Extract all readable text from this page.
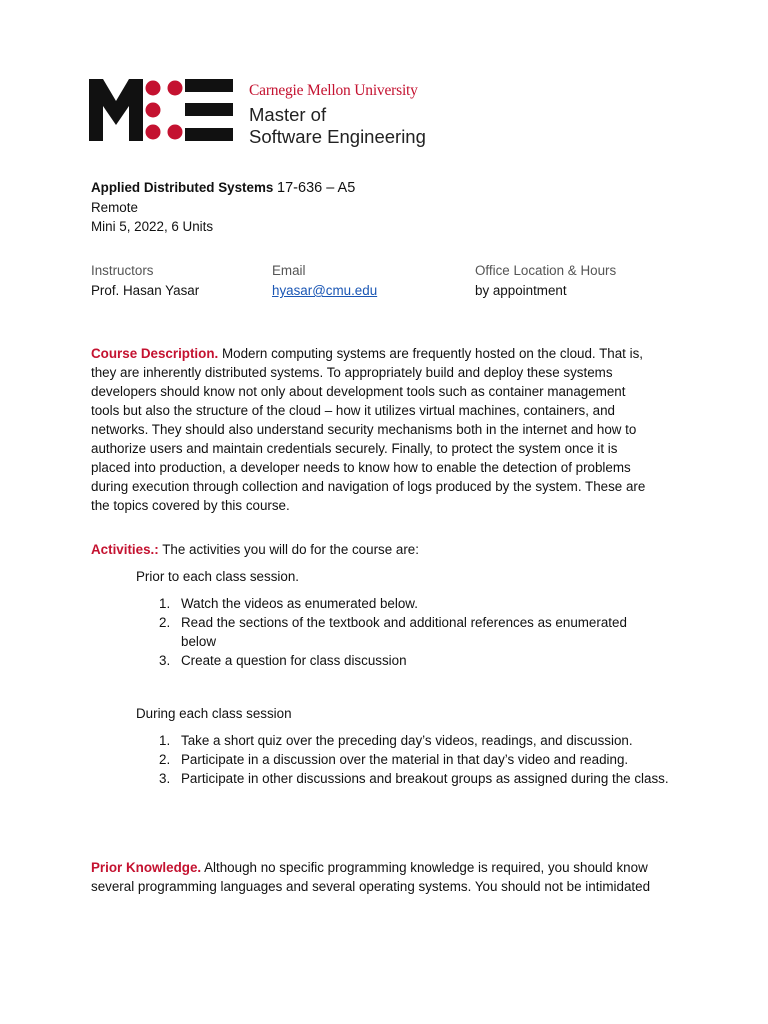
Carnegie Mellon University
Master of
Software Engineering
Applied Distributed Systems 17-636 – A5
Remote
Mini 5, 2022, 6 Units
Instructors	Email	Office Location & Hours
Prof. Hasan Yasar	hyasar@cmu.edu	by appointment
Course Description. Modern computing systems are frequently hosted on the cloud. That is,
they are inherently distributed systems. To appropriately build and deploy these systems
developers should know not only about development tools such as container management
tools but also the structure of the cloud – how it utilizes virtual machines, containers, and
networks. They should also understand security mechanisms both in the internet and how to
authorize users and maintain credentials securely. Finally, to protect the system once it is
placed into production, a developer needs to know how to enable the detection of problems
during execution through collection and navigation of logs produced by the system. These are
the topics covered by this course.
Activities.: The activities you will do for the course are:
Prior to each class session.
1. Watch the videos as enumerated below.
2. Read the sections of the textbook and additional references as enumerated
below
3. Create a question for class discussion
During each class session
1. Take a short quiz over the preceding day’s videos, readings, and discussion.
2. Participate in a discussion over the material in that day’s video and reading.
3. Participate in other discussions and breakout groups as assigned during the class.
Prior Knowledge. Although no specific programming knowledge is required, you should know
several programming languages and several operating systems. You should not be intimidated
